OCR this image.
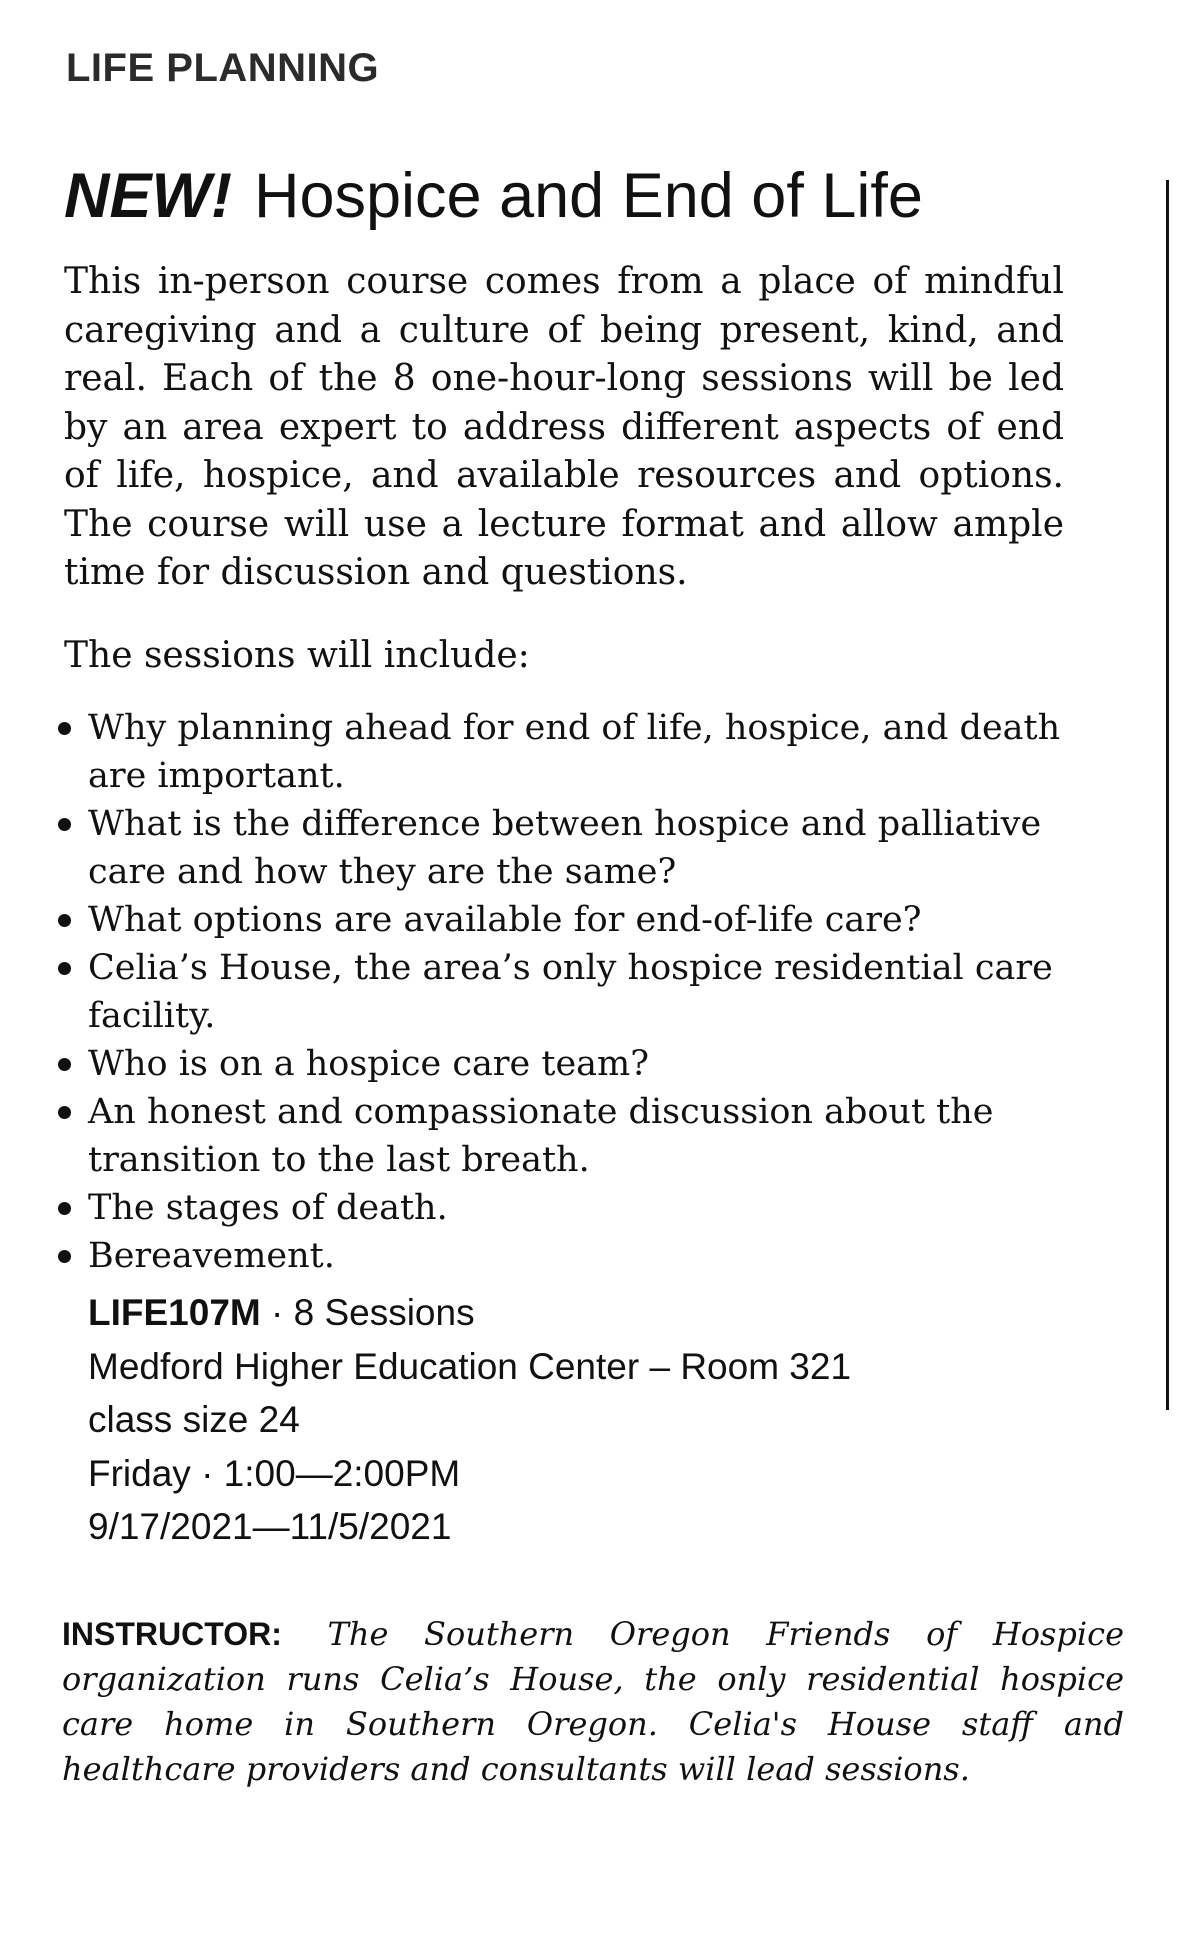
LIFE PLANNING
NEW! Hospice and End of Life

This in-person course comes from a place of mindful caregiving and a culture of being present, kind, and real. Each of the 8 one-hour-long sessions will be led by an area expert to address different aspects of end of life, hospice, and available resources and options. The course will use a lecture format and allow ample time for discussion and questions.

The sessions will include:

Why planning ahead for end of life, hospice, and death are important.
What is the difference between hospice and palliative care and how they are the same?
What options are available for end-of-life care?
Celia’s House, the area’s only hospice residential care facility.
Who is on a hospice care team?
An honest and compassionate discussion about the transition to the last breath.
The stages of death.
Bereavement.
LIFE107M · 8 Sessions
Medford Higher Education Center – Room 321
class size 24
Friday · 1:00—2:00PM
9/17/2021—11/5/2021

INSTRUCTOR: The Southern Oregon Friends of Hospice organization runs Celia’s House, the only residential hospice care home in Southern Oregon. Celia's House staff and healthcare providers and consultants will lead sessions.
